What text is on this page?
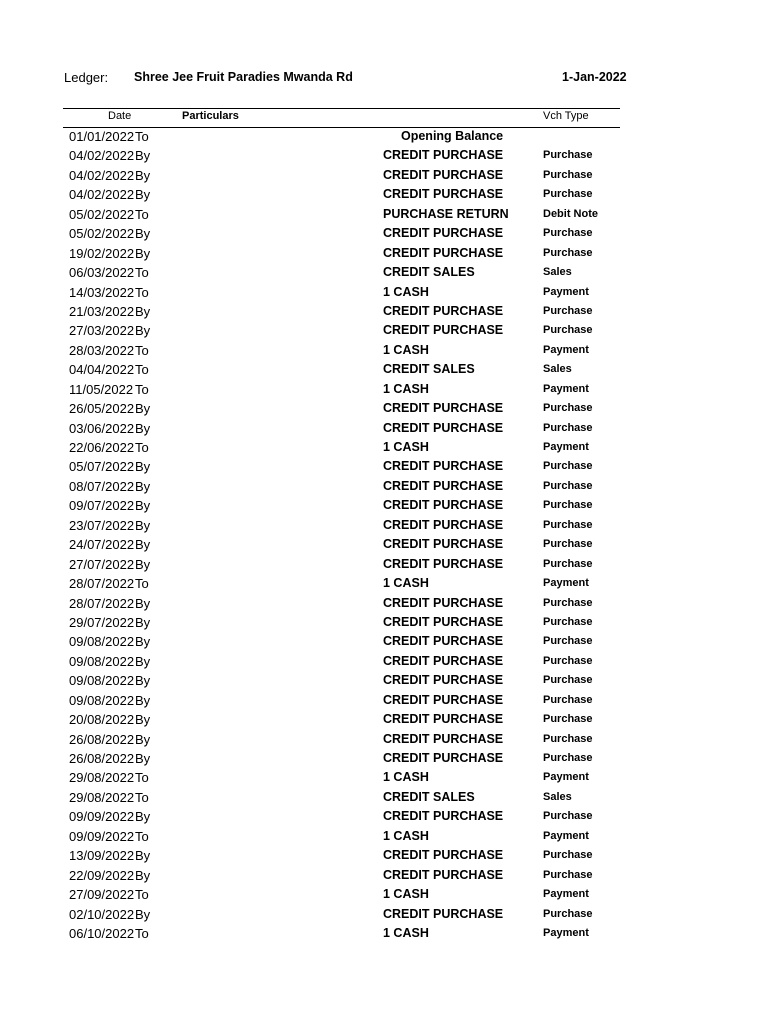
Ledger: Shree Jee Fruit Paradies Mwanda Rd	1-Jan-2022
Date	Particulars	Vch Type
01/01/2022 To	Opening Balance
04/02/2022 By	CREDIT PURCHASE	Purchase
04/02/2022 By	CREDIT PURCHASE	Purchase
04/02/2022 By	CREDIT PURCHASE	Purchase
05/02/2022 To	PURCHASE RETURN	Debit Note
05/02/2022 By	CREDIT PURCHASE	Purchase
19/02/2022 By	CREDIT PURCHASE	Purchase
06/03/2022 To	CREDIT SALES	Sales
14/03/2022 To	1 CASH	Payment
21/03/2022 By	CREDIT PURCHASE	Purchase
27/03/2022 By	CREDIT PURCHASE	Purchase
28/03/2022 To	1 CASH	Payment
04/04/2022 To	CREDIT SALES	Sales
11/05/2022 To	1 CASH	Payment
26/05/2022 By	CREDIT PURCHASE	Purchase
03/06/2022 By	CREDIT PURCHASE	Purchase
22/06/2022 To	1 CASH	Payment
05/07/2022 By	CREDIT PURCHASE	Purchase
08/07/2022 By	CREDIT PURCHASE	Purchase
09/07/2022 By	CREDIT PURCHASE	Purchase
23/07/2022 By	CREDIT PURCHASE	Purchase
24/07/2022 By	CREDIT PURCHASE	Purchase
27/07/2022 By	CREDIT PURCHASE	Purchase
28/07/2022 To	1 CASH	Payment
28/07/2022 By	CREDIT PURCHASE	Purchase
29/07/2022 By	CREDIT PURCHASE	Purchase
09/08/2022 By	CREDIT PURCHASE	Purchase
09/08/2022 By	CREDIT PURCHASE	Purchase
09/08/2022 By	CREDIT PURCHASE	Purchase
09/08/2022 By	CREDIT PURCHASE	Purchase
20/08/2022 By	CREDIT PURCHASE	Purchase
26/08/2022 By	CREDIT PURCHASE	Purchase
26/08/2022 By	CREDIT PURCHASE	Purchase
29/08/2022 To	1 CASH	Payment
29/08/2022 To	CREDIT SALES	Sales
09/09/2022 By	CREDIT PURCHASE	Purchase
09/09/2022 To	1 CASH	Payment
13/09/2022 By	CREDIT PURCHASE	Purchase
22/09/2022 By	CREDIT PURCHASE	Purchase
27/09/2022 To	1 CASH	Payment
02/10/2022 By	CREDIT PURCHASE	Purchase
06/10/2022 To	1 CASH	Payment
